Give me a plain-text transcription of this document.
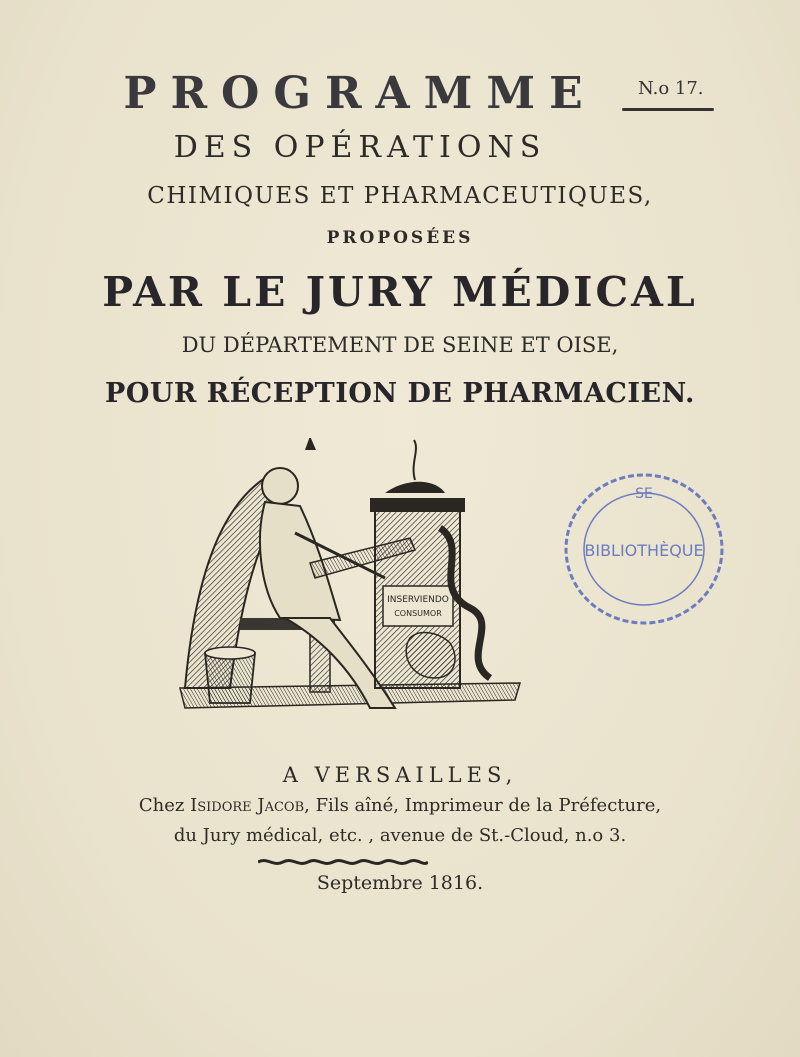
PROGRAMME	N.o 17.
DES OPÉRATIONS
CHIMIQUES ET PHARMACEUTIQUES,
PROPOSÉES
PAR LE JURY MÉDICAL
DU DÉPARTEMENT DE SEINE ET OISE,
POUR RÉCEPTION DE PHARMACIEN.
INSERVIENDO
CONSUMOR
SE
BIBLIOTHÈQUE
A VERSAILLES,
Chez Isidore Jacob, Fils aîné, Imprimeur de la Préfecture,
du Jury médical, etc. , avenue de St.-Cloud, n.o 3.
Septembre 1816.
